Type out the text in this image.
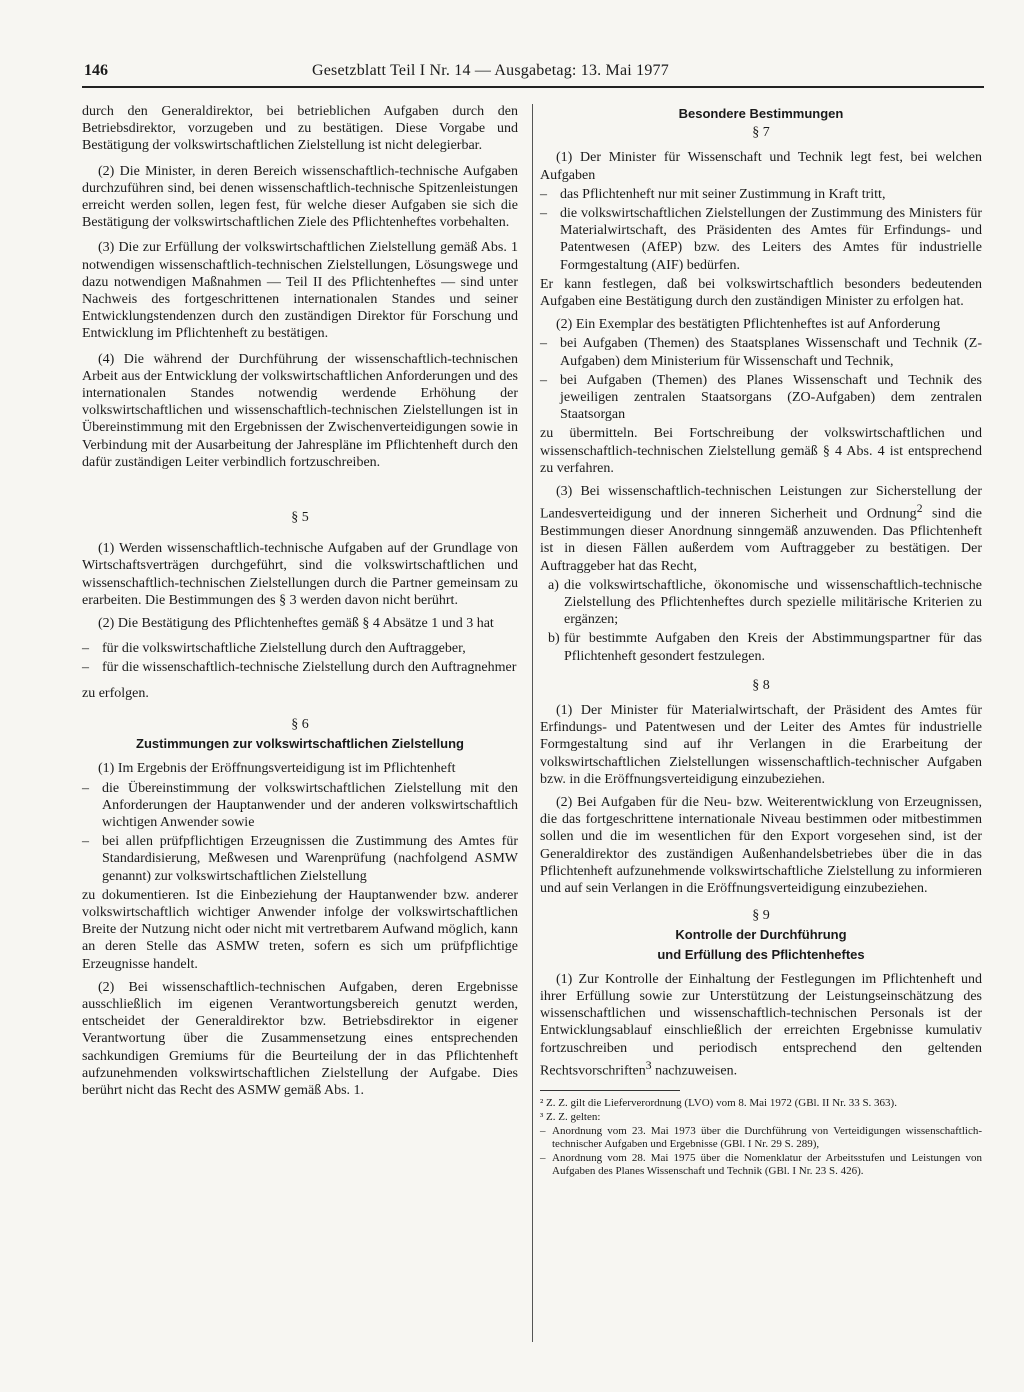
146	Gesetzblatt Teil I Nr. 14 — Ausgabetag: 13. Mai 1977

durch den Generaldirektor, bei betrieblichen Aufgaben durch den Betriebsdirektor, vorzugeben und zu bestätigen. Diese Vorgabe und Bestätigung der volkswirtschaftlichen Zielstellung ist nicht delegierbar.

(2) Die Minister, in deren Bereich wissenschaftlich-technische Aufgaben durchzuführen sind, bei denen wissenschaftlich-technische Spitzenleistungen erreicht werden sollen, legen fest, für welche dieser Aufgaben sie sich die Bestätigung der volkswirtschaftlichen Ziele des Pflichtenheftes vorbehalten.

(3) Die zur Erfüllung der volkswirtschaftlichen Zielstellung gemäß Abs. 1 notwendigen wissenschaftlich-technischen Zielstellungen, Lösungswege und dazu notwendigen Maßnahmen — Teil II des Pflichtenheftes — sind unter Nachweis des fortgeschrittenen internationalen Standes und seiner Entwicklungstendenzen durch den zuständigen Direktor für Forschung und Entwicklung im Pflichtenheft zu bestätigen.

(4) Die während der Durchführung der wissenschaftlich-technischen Arbeit aus der Entwicklung der volkswirtschaftlichen Anforderungen und des internationalen Standes notwendig werdende Erhöhung der volkswirtschaftlichen und wissenschaftlich-technischen Zielstellungen ist in Übereinstimmung mit den Ergebnissen der Zwischenverteidigungen sowie in Verbindung mit der Ausarbeitung der Jahrespläne im Pflichtenheft durch den dafür zuständigen Leiter verbindlich fortzuschreiben.

§ 5

(1) Werden wissenschaftlich-technische Aufgaben auf der Grundlage von Wirtschaftsverträgen durchgeführt, sind die volkswirtschaftlichen und wissenschaftlich-technischen Zielstellungen durch die Partner gemeinsam zu erarbeiten. Die Bestimmungen des § 3 werden davon nicht berührt.

(2) Die Bestätigung des Pflichtenheftes gemäß § 4 Absätze 1 und 3 hat

– für die volkswirtschaftliche Zielstellung durch den Auftraggeber,
– für die wissenschaftlich-technische Zielstellung durch den Auftragnehmer

zu erfolgen.

§ 6
Zustimmungen zur volkswirtschaftlichen Zielstellung

(1) Im Ergebnis der Eröffnungsverteidigung ist im Pflichtenheft

– die Übereinstimmung der volkswirtschaftlichen Zielstellung mit den Anforderungen der Hauptanwender und der anderen volkswirtschaftlich wichtigen Anwender sowie
– bei allen prüfpflichtigen Erzeugnissen die Zustimmung des Amtes für Standardisierung, Meßwesen und Warenprüfung (nachfolgend ASMW genannt) zur volkswirtschaftlichen Zielstellung

zu dokumentieren. Ist die Einbeziehung der Hauptanwender bzw. anderer volkswirtschaftlich wichtiger Anwender infolge der volkswirtschaftlichen Breite der Nutzung nicht oder nicht mit vertretbarem Aufwand möglich, kann an deren Stelle das ASMW treten, sofern es sich um prüfpflichtige Erzeugnisse handelt.

(2) Bei wissenschaftlich-technischen Aufgaben, deren Ergebnisse ausschließlich im eigenen Verantwortungsbereich genutzt werden, entscheidet der Generaldirektor bzw. Betriebsdirektor in eigener Verantwortung über die Zusammensetzung eines entsprechenden sachkundigen Gremiums für die Beurteilung der in das Pflichtenheft aufzunehmenden volkswirtschaftlichen Zielstellung der Aufgabe. Dies berührt nicht das Recht des ASMW gemäß Abs. 1.

Besondere Bestimmungen
§ 7

(1) Der Minister für Wissenschaft und Technik legt fest, bei welchen Aufgaben

– das Pflichtenheft nur mit seiner Zustimmung in Kraft tritt,
– die volkswirtschaftlichen Zielstellungen der Zustimmung des Ministers für Materialwirtschaft, des Präsidenten des Amtes für Erfindungs- und Patentwesen (AfEP) bzw. des Leiters des Amtes für industrielle Formgestaltung (AIF) bedürfen.

Er kann festlegen, daß bei volkswirtschaftlich besonders bedeutenden Aufgaben eine Bestätigung durch den zuständigen Minister zu erfolgen hat.

(2) Ein Exemplar des bestätigten Pflichtenheftes ist auf Anforderung

– bei Aufgaben (Themen) des Staatsplanes Wissenschaft und Technik (Z-Aufgaben) dem Ministerium für Wissenschaft und Technik,
– bei Aufgaben (Themen) des Planes Wissenschaft und Technik des jeweiligen zentralen Staatsorgans (ZO-Aufgaben) dem zentralen Staatsorgan

zu übermitteln. Bei Fortschreibung der volkswirtschaftlichen und wissenschaftlich-technischen Zielstellung gemäß § 4 Abs. 4 ist entsprechend zu verfahren.

(3) Bei wissenschaftlich-technischen Leistungen zur Sicherstellung der Landesverteidigung und der inneren Sicherheit und Ordnung$^2$ sind die Bestimmungen dieser Anordnung sinngemäß anzuwenden. Das Pflichtenheft ist in diesen Fällen außerdem vom Auftraggeber zu bestätigen. Der Auftraggeber hat das Recht,

a) die volkswirtschaftliche, ökonomische und wissenschaftlich-technische Zielstellung des Pflichtenheftes durch spezielle militärische Kriterien zu ergänzen;
b) für bestimmte Aufgaben den Kreis der Abstimmungspartner für das Pflichtenheft gesondert festzulegen.
§ 8

(1) Der Minister für Materialwirtschaft, der Präsident des Amtes für Erfindungs- und Patentwesen und der Leiter des Amtes für industrielle Formgestaltung sind auf ihr Verlangen in die Erarbeitung der volkswirtschaftlichen Zielstellungen wissenschaftlich-technischer Aufgaben bzw. in die Eröffnungsverteidigung einzubeziehen.

(2) Bei Aufgaben für die Neu- bzw. Weiterentwicklung von Erzeugnissen, die das fortgeschrittene internationale Niveau bestimmen oder mitbestimmen sollen und die im wesentlichen für den Export vorgesehen sind, ist der Generaldirektor des zuständigen Außenhandelsbetriebes über die in das Pflichtenheft aufzunehmende volkswirtschaftliche Zielstellung zu informieren und auf sein Verlangen in die Eröffnungsverteidigung einzubeziehen.

§ 9
Kontrolle der Durchführung
und Erfüllung des Pflichtenheftes

(1) Zur Kontrolle der Einhaltung der Festlegungen im Pflichtenheft und ihrer Erfüllung sowie zur Unterstützung der Leistungseinschätzung des wissenschaftlichen und wissenschaftlich-technischen Personals ist der Entwicklungsablauf einschließlich der erreichten Ergebnisse kumulativ fortzuschreiben und periodisch entsprechend den geltenden Rechtsvorschriften$^3$ nachzuweisen.

² Z. Z. gilt die Lieferverordnung (LVO) vom 8. Mai 1972 (GBl. II Nr. 33 S. 363).

³ Z. Z. gelten:

– Anordnung vom 23. Mai 1973 über die Durchführung von Verteidigungen wissenschaftlich-technischer Aufgaben und Ergebnisse (GBl. I Nr. 29 S. 289),
– Anordnung vom 28. Mai 1975 über die Nomenklatur der Arbeitsstufen und Leistungen von Aufgaben des Planes Wissenschaft und Technik (GBl. I Nr. 23 S. 426).
